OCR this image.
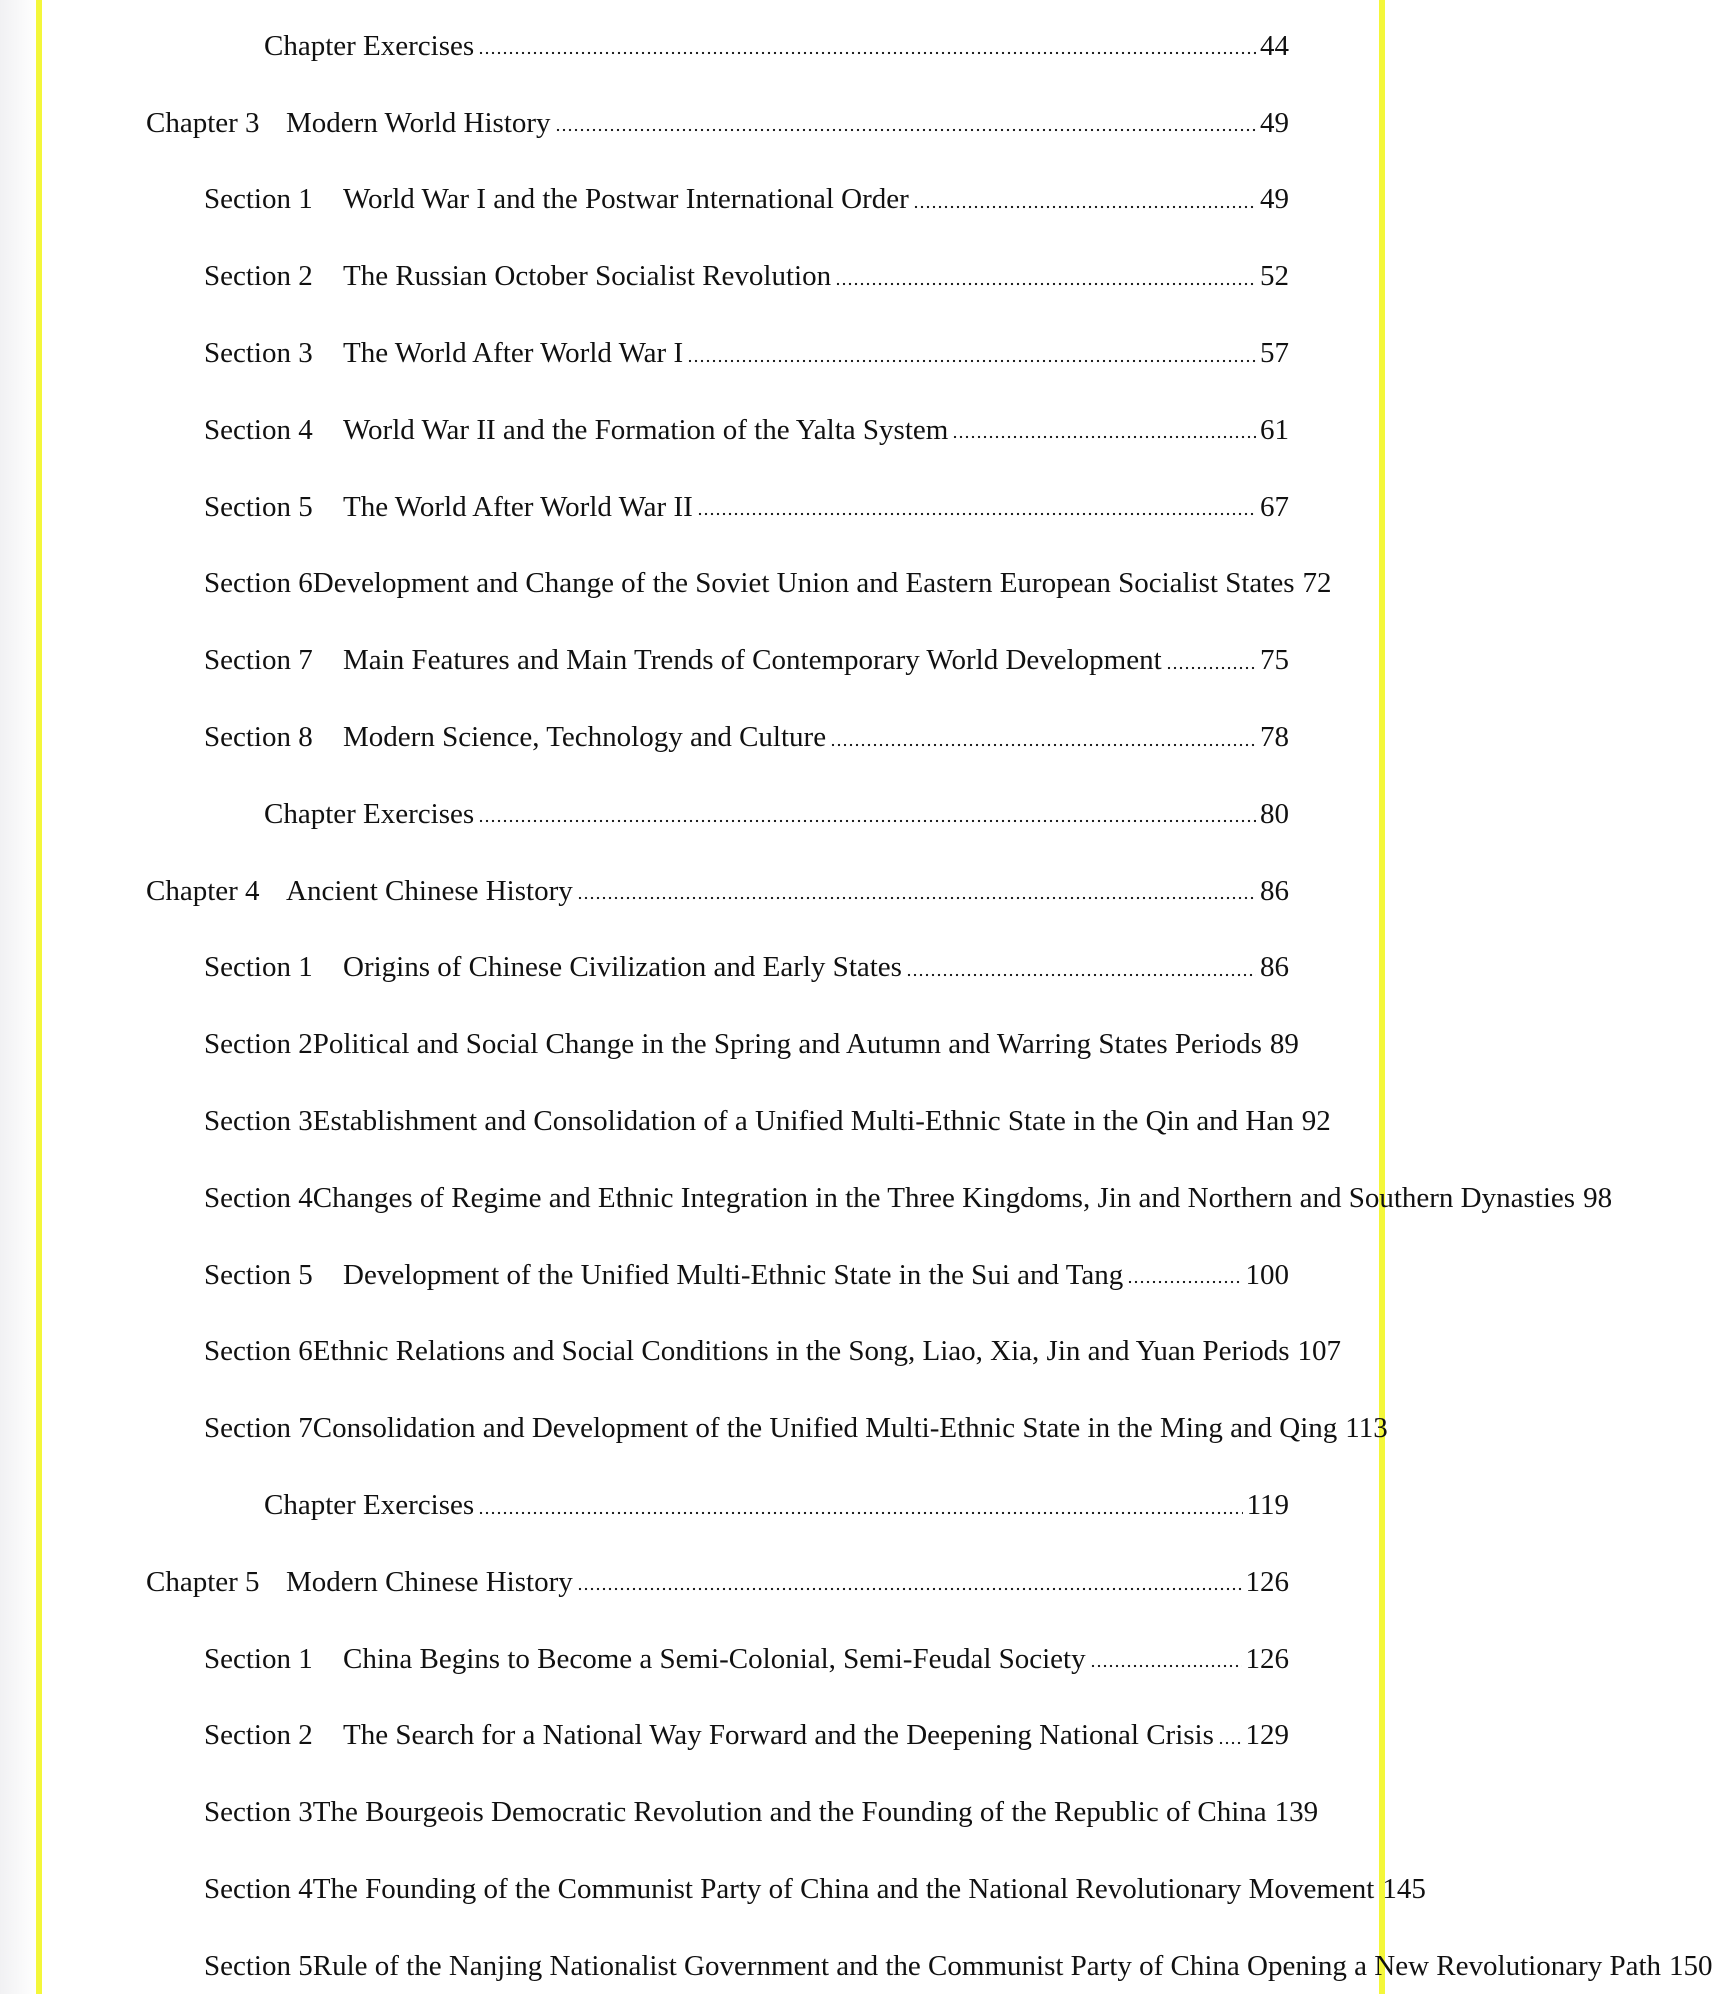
Chapter Exercises	44
Chapter 3 Modern World History	49
Section 1	World War I and the Postwar International Order	49
Section 2	The Russian October Socialist Revolution	52
Section 3	The World After World War I	57
Section 4	World War II and the Formation of the Yalta System	61
Section 5	The World After World War II	67
Section 6 Development and Change of the Soviet Union and Eastern European Socialist States 72
Section 7	Main Features and Main Trends of Contemporary World Development	75
Section 8	Modern Science, Technology and Culture	78
Chapter Exercises	80
Chapter 4 Ancient Chinese History	86
Section 1	Origins of Chinese Civilization and Early States	86
Section 2 Political and Social Change in the Spring and Autumn and Warring States Periods 89
Section 3 Establishment and Consolidation of a Unified Multi-Ethnic State in the Qin and Han 92
Section 4 Changes of Regime and Ethnic Integration in the Three Kingdoms, Jin and Northern and Southern Dynasties 98
Section 5	Development of the Unified Multi-Ethnic State in the Sui and Tang	100
Section 6 Ethnic Relations and Social Conditions in the Song, Liao, Xia, Jin and Yuan Periods 107
Section 7 Consolidation and Development of the Unified Multi-Ethnic State in the Ming and Qing 113
Chapter Exercises	119
Chapter 5 Modern Chinese History	126
Section 1	China Begins to Become a Semi-Colonial, Semi-Feudal Society	126
Section 2	The Search for a National Way Forward and the Deepening National Crisis 129
Section 3 The Bourgeois Democratic Revolution and the Founding of the Republic of China 139
Section 4 The Founding of the Communist Party of China and the National Revolutionary Movement 145
Section 5 Rule of the Nanjing Nationalist Government and the Communist Party of China Opening a New Revolutionary Path 150
